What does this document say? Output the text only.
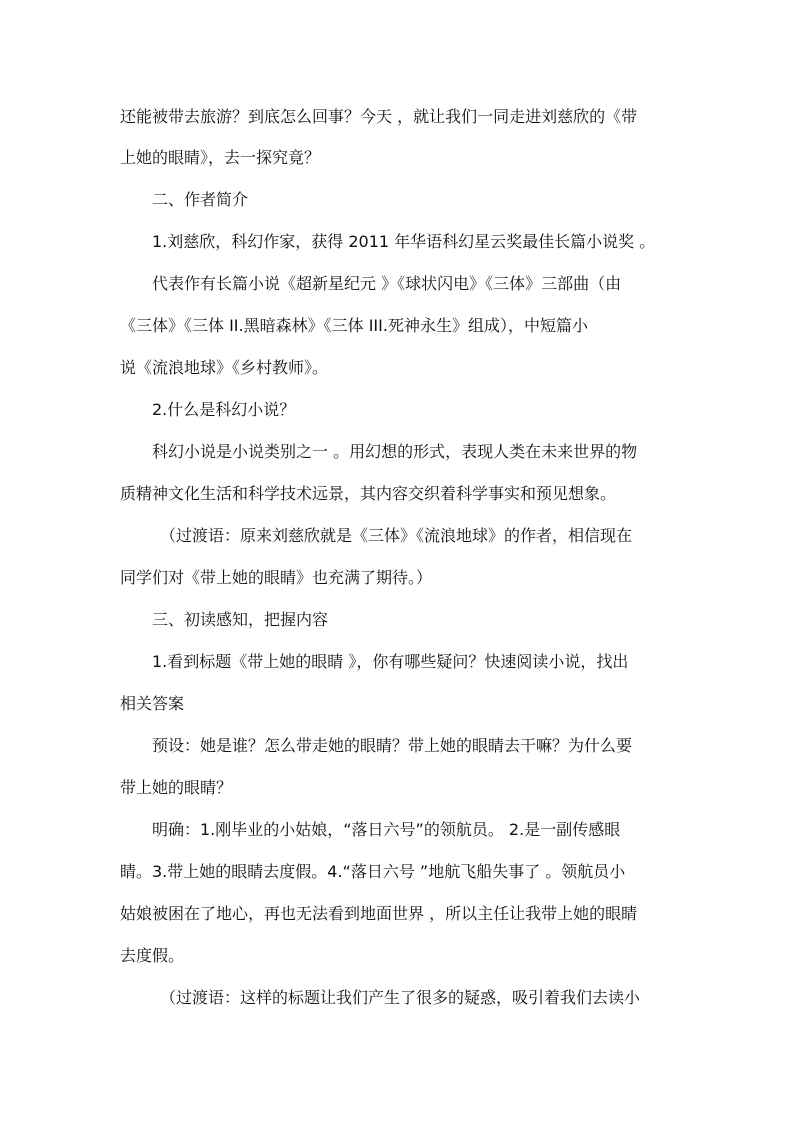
还能被带去旅游？到底怎么回事？今天 ，就让我们一同走进刘慈欣的《带
上她的眼睛》，去一探究竟？
二、作者简介
1.刘慈欣，科幻作家，获得 2011 年华语科幻星云奖最佳长篇小说奖 。
代表作有长篇小说《超新星纪元 》《球状闪电》《三体》三部曲（由
《三体》《三体 II.黑暗森林》《三体 III.死神永生》组成），中短篇小
说《流浪地球》《乡村教师》。
2.什么是科幻小说？
科幻小说是小说类别之一 。用幻想的形式，表现人类在未来世界的物
质精神文化生活和科学技术远景，其内容交织着科学事实和预见想象。
（过渡语：原来刘慈欣就是《三体》《流浪地球》的作者，相信现在
同学们对《带上她的眼睛》也充满了期待。）
三、初读感知，把握内容
1.看到标题《带上她的眼睛 》，你有哪些疑问？快速阅读小说，找出
相关答案
预设：她是谁？怎么带走她的眼睛？带上她的眼睛去干嘛？为什么要
带上她的眼睛？
明确：1.刚毕业的小姑娘，“落日六号”的领航员。 2.是一副传感眼
睛。3.带上她的眼睛去度假。4.“落日六号 ”地航飞船失事了 。领航员小
姑娘被困在了地心，再也无法看到地面世界 ，所以主任让我带上她的眼睛
去度假。
（过渡语：这样的标题让我们产生了很多的疑惑，吸引着我们去读小
